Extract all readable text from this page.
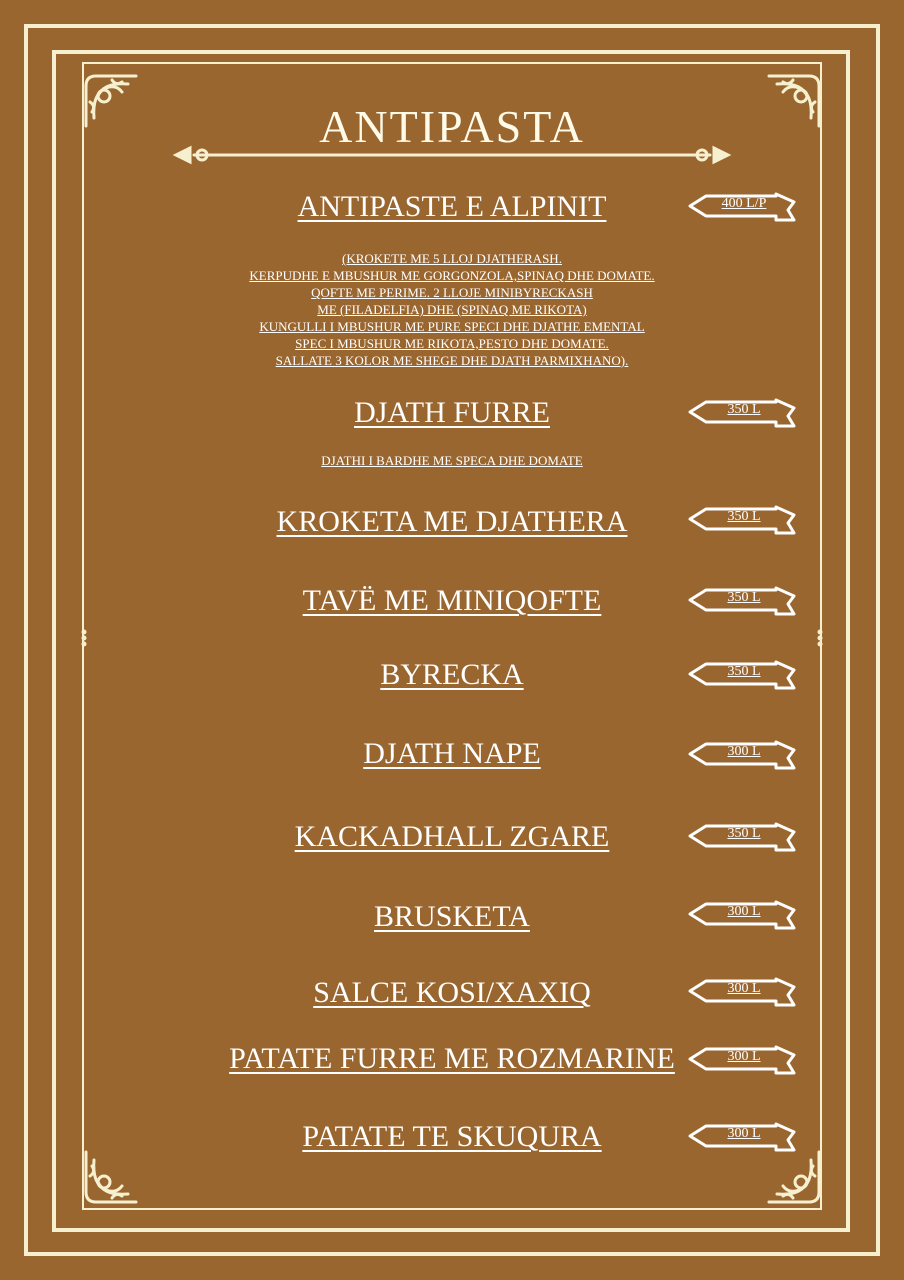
ANTIPASTA
ANTIPASTE E ALPINIT	400 L/P
(KROKETE ME 5 LLOJ DJATHERASH.
KERPUDHE E MBUSHUR ME GORGONZOLA,SPINAQ DHE DOMATE.
QOFTE ME PERIME. 2 LLOJE MINIBYRECKASH
ME (FILADELFIA) DHE (SPINAQ ME RIKOTA)
KUNGULLI I MBUSHUR ME PURE SPECI DHE DJATHE EMENTAL
SPEC I MBUSHUR ME RIKOTA,PESTO DHE DOMATE.
SALLATE 3 KOLOR ME SHEGE DHE DJATH PARMIXHANO).
DJATH FURRE	350 L
DJATHI I BARDHE ME SPECA DHE DOMATE
KROKETA ME DJATHERA	350 L
TAVË ME MINIQOFTE	350 L
BYRECKA	350 L
DJATH NAPE	300 L
KACKADHALL ZGARE	350 L
BRUSKETA	300 L
SALCE KOSI/XAXIQ	300 L
PATATE FURRE ME ROZMARINE	300 L
PATATE TE SKUQURA	300 L
